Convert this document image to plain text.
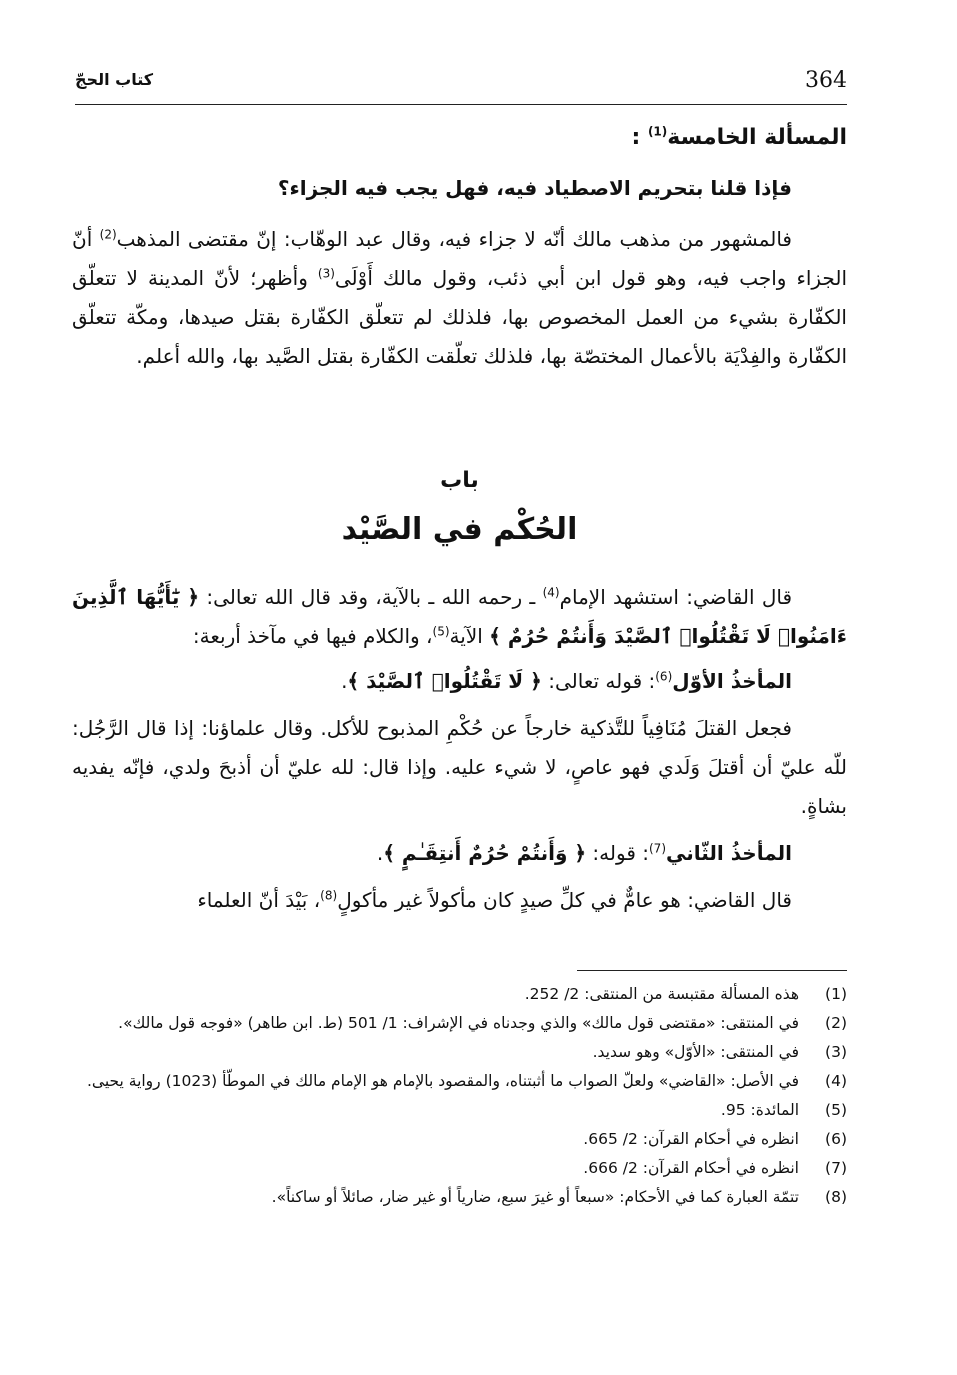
364
كتاب الحجّ

المسألة الخامسة$^{(1)}$ :

فإذا قلنا بتحريم الاصطياد فيه، فهل يجب فيه الجزاء؟

فالمشهور من مذهب مالك أنّه لا جزاء فيه، وقال عبد الوهّاب: إنّ مقتضى المذهب$^{(2)}$ أنّ الجزاء واجب فيه، وهو قول ابن أبي ذئب، وقول مالك أَوْلَى$^{(3)}$ وأظهر؛ لأنّ المدينة لا تتعلّق الكفّارة بشيء من العمل المخصوص بها، فلذلك لم تتعلّق الكفّارة بقتل صيدها، ومكّة تتعلّق الكفّارة والفِدْيَة بالأعمال المختصّة بها، فلذلك تعلّقت الكفّارة بقتل الصَّيد بها، والله أعلم.

باب
الحُكْم في الصَّيْد

قال القاضي: استشهد الإمام$^{(4)}$ ـ رحمه الله ـ بالآية، وقد قال الله تعالى: ﴿ يَٰٓأَيُّهَا ٱلَّذِينَ ءَامَنُوا۟ لَا تَقْتُلُوا۟ ٱلصَّيْدَ وَأَنتُمْ حُرُمٌ ﴾ الآية$^{(5)}$، والكلام فيها في مآخذ أربعة:

المأخذُ الأوّل$^{(6)}$: قوله تعالى: ﴿ لَا تَقْتُلُوا۟ ٱلصَّيْدَ ﴾.

فجعل القتلَ مُنَافِياً للتَّذكية خارجاً عن حُكْمِ المذبوح للأكل. وقال علماؤنا: إذا قال الرَّجُل: للّه عليّ أن أقتلَ وَلَدي فهو عاصٍ، لا شيء عليه. وإذا قال: لله عليّ أن أذبحَ ولدي، فإنّه يفديه بشاةٍ.

المأخذُ الثّاني$^{(7)}$: قوله: ﴿ وَأَنتُمْ حُرُمٌ أَنتِقَـٰمٍ ﴾.

قال القاضي: هو عامٌّ في كلِّ صيدٍ كان مأكولاً غير مأكولٍ$^{(8)}$، بَيْدَ أنّ العلماء

(1)
هذه المسألة مقتبسة من المنتقى: 2/ 252.
(2)
في المنتقى: «مقتضى قول مالك» والذي وجدناه في الإشراف: 1/ 501 (ط. ابن طاهر) «فوجه قول مالك».
(3)
في المنتقى: «الأوّل» وهو سديد.
(4)
في الأصل: «القاضي» ولعلّ الصواب ما أثبتناه، والمقصود بالإمام هو الإمام مالك في الموطّأ (1023) رواية يحيى.
(5)
المائدة: 95.
(6)
انظره في أحكام القرآن: 2/ 665.
(7)
انظره في أحكام القرآن: 2/ 666.
(8)
تتمّة العبارة كما في الأحكام: «سبعاً أو غيرَ سبع، ضارياً أو غير ضار، صائلاً أو ساكناً».
